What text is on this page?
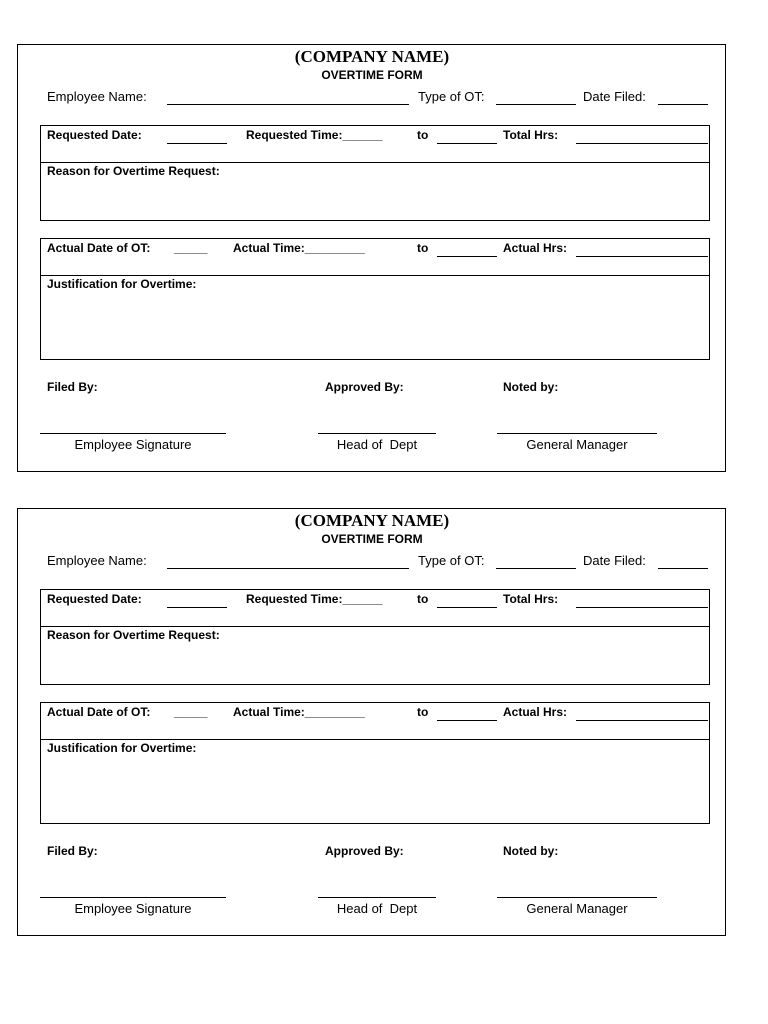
(COMPANY NAME)
OVERTIME FORM
Employee Name:	Type of OT:	Date Filed:
Requested Date:	Requested Time:______	to	Total Hrs:
Reason for Overtime Request:
Actual Date of OT: _____ Actual Time:_________	to	Actual Hrs:
Justification for Overtime:
Filed By:	Approved By:	Noted by:
Employee Signature	Head of  Dept	General Manager
(COMPANY NAME)
OVERTIME FORM
Employee Name:	Type of OT:	Date Filed:
Requested Date:	Requested Time:______	to	Total Hrs:
Reason for Overtime Request:
Actual Date of OT: _____ Actual Time:_________	to	Actual Hrs:
Justification for Overtime:
Filed By:	Approved By:	Noted by:
Employee Signature	Head of  Dept	General Manager
